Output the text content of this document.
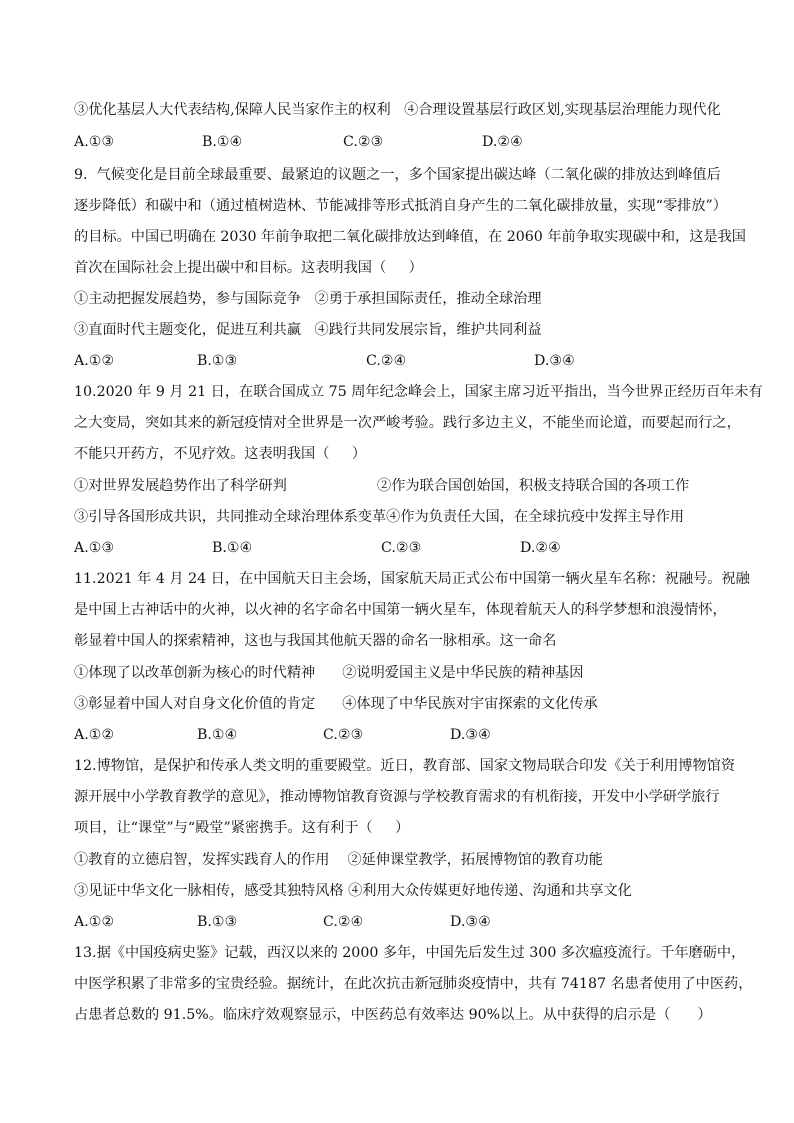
③优化基层人大代表结构,保障人民当家作主的权利   ④合理设置基层行政区划,实现基层治理能力现代化
A.①③	B.①④	C.②③	D.②④
9.  气候变化是目前全球最重要、最紧迫的议题之一，多个国家提出碳达峰（二氧化碳的排放达到峰值后
逐步降低）和碳中和（通过植树造林、节能减排等形式抵消自身产生的二氧化碳排放量，实现“零排放”）
的目标。中国已明确在 2030 年前争取把二氧化碳排放达到峰值，在 2060 年前争取实现碳中和，这是我国
首次在国际社会上提出碳中和目标。这表明我国（     ）
①主动把握发展趋势，参与国际竞争   ②勇于承担国际责任，推动全球治理
③直面时代主题变化，促进互利共赢   ④践行共同发展宗旨，维护共同利益
A.①②	B.①③	C.②④	D.③④
10.2020 年 9 月 21 日，在联合国成立 75 周年纪念峰会上，国家主席习近平指出，当今世界正经历百年未有
之大变局，突如其来的新冠疫情对全世界是一次严峻考验。践行多边主义，不能坐而论道，而要起而行之，
不能只开药方，不见疗效。这表明我国（     ）
①对世界发展趋势作出了科学研判                    ②作为联合国创始国，积极支持联合国的各项工作
③引导各国形成共识，共同推动全球治理体系变革④作为负责任大国，在全球抗疫中发挥主导作用
A.①③	B.①④	C.②③	D.②④
11.2021 年 4 月 24 日，在中国航天日主会场，国家航天局正式公布中国第一辆火星车名称：祝融号。祝融
是中国上古神话中的火神，以火神的名字命名中国第一辆火星车，体现着航天人的科学梦想和浪漫情怀，
彰显着中国人的探索精神，这也与我国其他航天器的命名一脉相承。这一命名
①体现了以改革创新为核心的时代精神      ②说明爱国主义是中华民族的精神基因
③彰显着中国人对自身文化价值的肯定      ④体现了中华民族对宇宙探索的文化传承
A.①②	B.①④	C.②③	D.③④
12.博物馆，是保护和传承人类文明的重要殿堂。近日，教育部、国家文物局联合印发《关于利用博物馆资
源开展中小学教育教学的意见》，推动博物馆教育资源与学校教育需求的有机衔接，开发中小学研学旅行
项目，让“课堂”与“殿堂”紧密携手。这有利于（     ）
①教育的立德启智，发挥实践育人的作用    ②延伸课堂教学，拓展博物馆的教育功能
③见证中华文化一脉相传，感受其独特风格 ④利用大众传媒更好地传递、沟通和共享文化
A.①②	B.①③	C.②④	D.③④
13.据《中国疫病史鉴》记载，西汉以来的 2000 多年，中国先后发生过 300 多次瘟疫流行。千年磨砺中，
中医学积累了非常多的宝贵经验。据统计，在此次抗击新冠肺炎疫情中，共有 74187 名患者使用了中医药，
占患者总数的 91.5%。临床疗效观察显示，中医药总有效率达 90%以上。从中获得的启示是（      ）
